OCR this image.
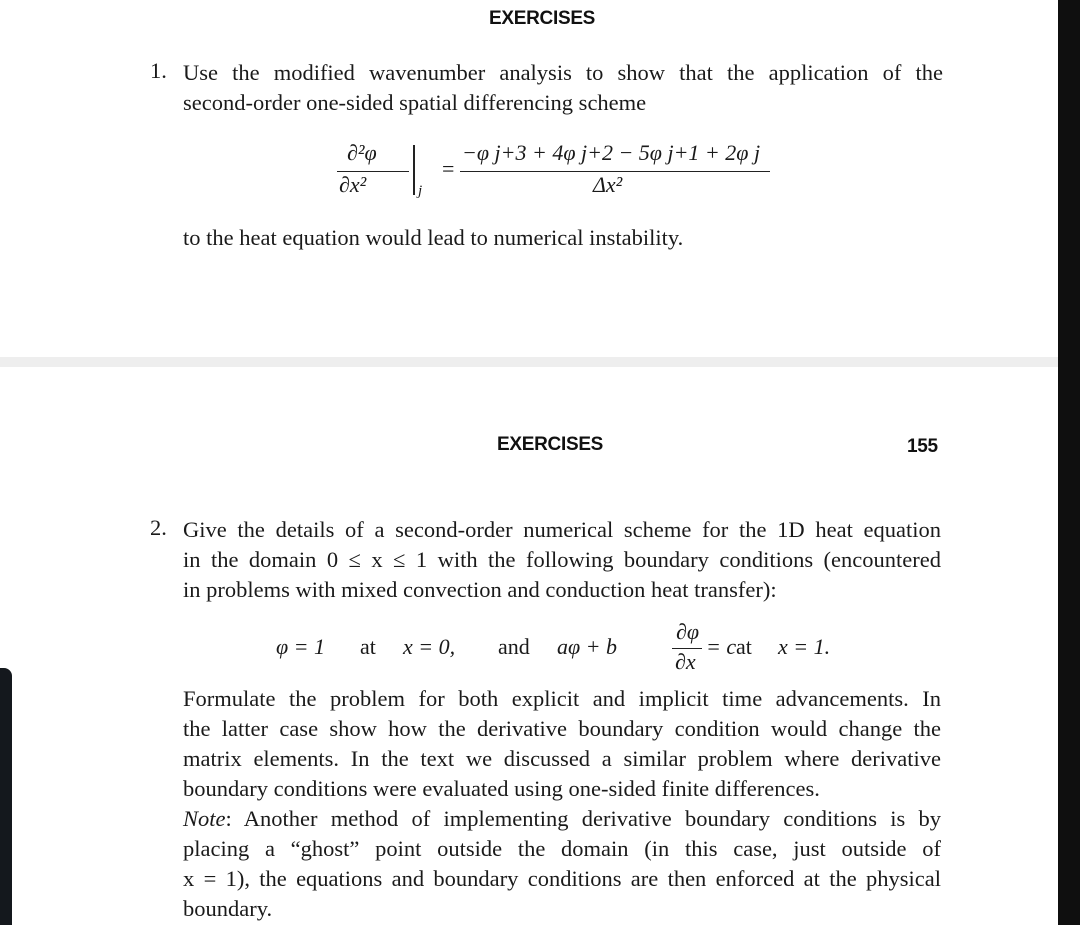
EXERCISES
1. Use the modified wavenumber analysis to show that the application of the
second-order one-sided spatial differencing scheme
∂²φ
∂x²	j
=
−φ j+3 + 4φ j+2 − 5φ j+1 + 2φ j
Δx²
to the heat equation would lead to numerical instability.
EXERCISES	155
2. Give the details of a second-order numerical scheme for the 1D heat equation
in the domain 0 ≤ x ≤ 1 with the following boundary conditions (encountered
in problems with mixed convection and conduction heat transfer):
φ = 1 at x = 0, and aφ + b
∂φ
∂x
= c at x = 1.
Formulate the problem for both explicit and implicit time advancements. In
the latter case show how the derivative boundary condition would change the
matrix elements. In the text we discussed a similar problem where derivative
boundary conditions were evaluated using one-sided finite differences.
Note: Another method of implementing derivative boundary conditions is by
placing a “ghost” point outside the domain (in this case, just outside of
x = 1), the equations and boundary conditions are then enforced at the physical
boundary.
